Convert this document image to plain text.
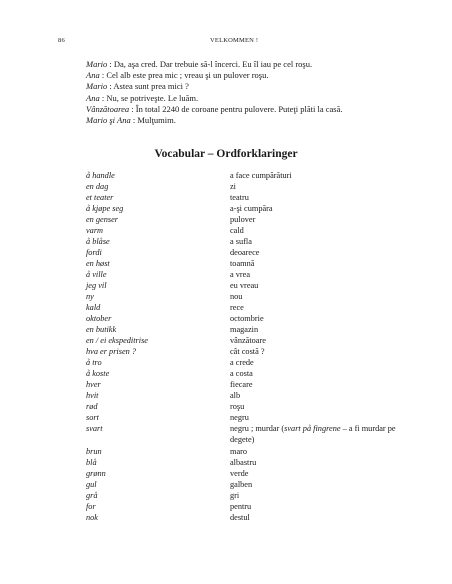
86	VELKOMMEN !
Mario : Da, aşa cred. Dar trebuie să-l încerci. Eu îl iau pe cel roşu.
Ana : Cel alb este prea mic ; vreau şi un pulover roşu.
Mario : Astea sunt prea mici ?
Ana : Nu, se potriveşte. Le luăm.
Vânzătoarea : În total 2240 de coroane pentru pulovere. Puteţi plăti la casă.
Mario şi Ana : Mulţumim.
Vocabular – Ordforklaringer
å handle	a face cumpărături
en dag	zi
et teater	teatru
å kjøpe seg	a-şi cumpăra
en genser	pulover
varm	cald
å blåse	a sufla
fordi	deoarece
en høst	toamnă
å ville	a vrea
jeg vil	eu vreau
ny	nou
kald	rece
oktober	octombrie
en butikk	magazin
en / ei ekspeditrise	vânzătoare
hva er prisen ?	cât costă ?
å tro	a crede
å koste	a costa
hver	fiecare
hvit	alb
rød	roşu
sort	negru
svart	negru ; murdar (svart på fingrene – a fi murdar pe degete)
brun	maro
blå	albastru
grønn	verde
gul	galben
grå	gri
for	pentru
nok	destul
